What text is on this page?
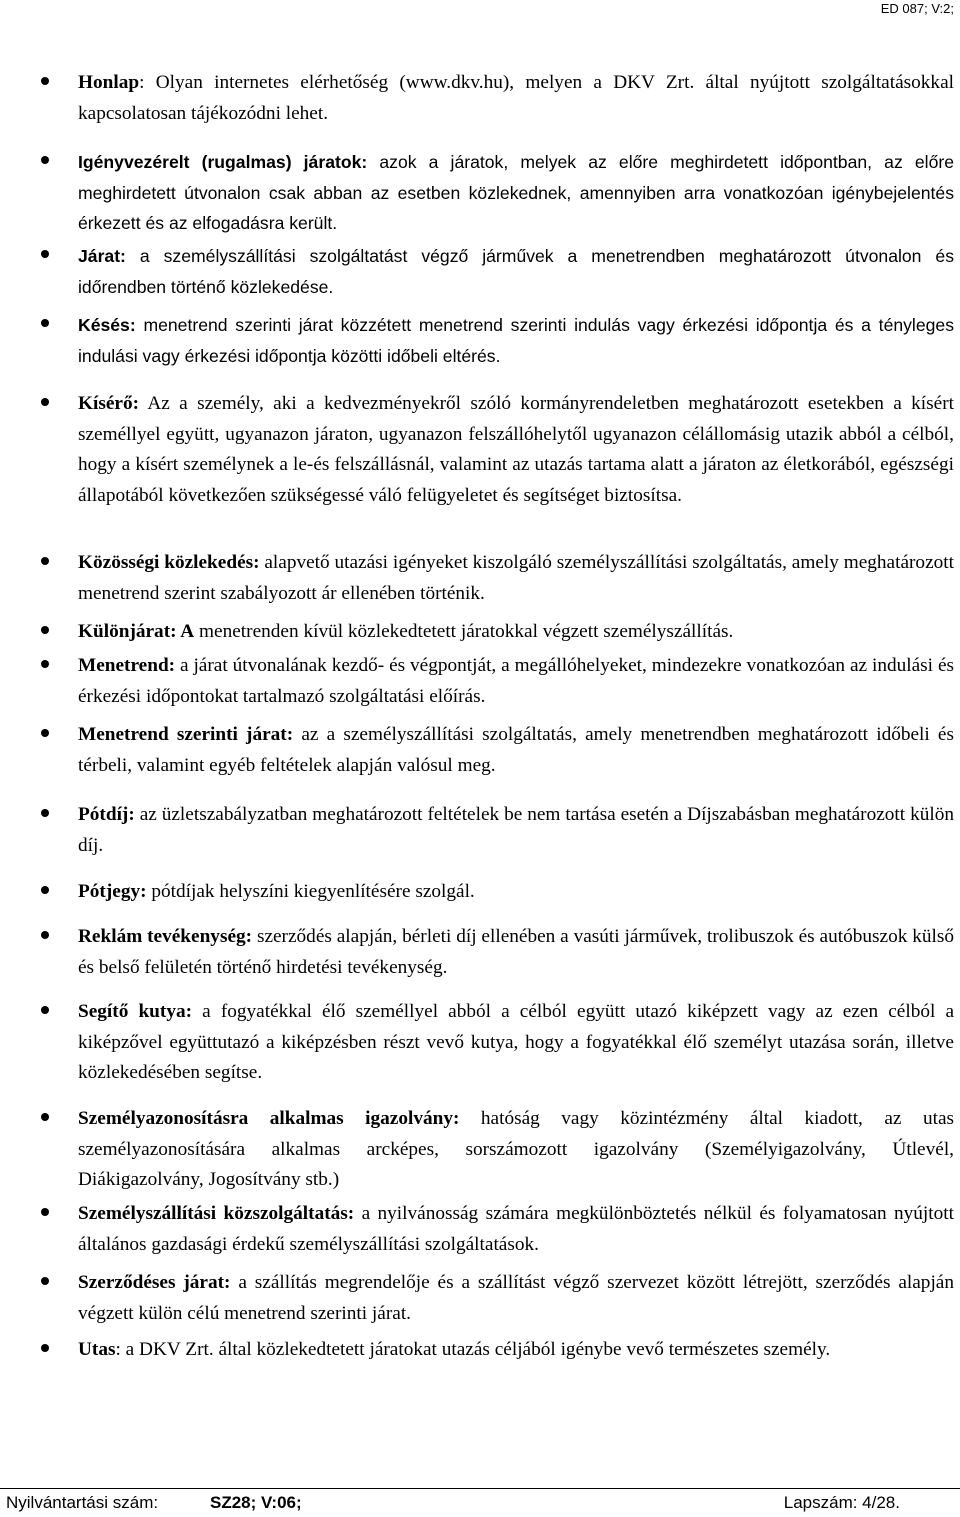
ED 087; V:2;
Honlap: Olyan internetes elérhetőség (www.dkv.hu), melyen a DKV Zrt. által nyújtott szolgáltatásokkal kapcsolatosan tájékozódni lehet.
Igényvezérelt (rugalmas) járatok: azok a járatok, melyek az előre meghirdetett időpontban, az előre meghirdetett útvonalon csak abban az esetben közlekednek, amennyiben arra vonatkozóan igénybejelentés érkezett és az elfogadásra került.
Járat: a személyszállítási szolgáltatást végző járművek a menetrendben meghatározott útvonalon és időrendben történő közlekedése.
Késés: menetrend szerinti járat közzétett menetrend szerinti indulás vagy érkezési időpontja és a tényleges indulási vagy érkezési időpontja közötti időbeli eltérés.
Kísérő: Az a személy, aki a kedvezményekről szóló kormányrendeletben meghatározott esetekben a kísért személlyel együtt, ugyanazon járaton, ugyanazon felszállóhelytől ugyanazon célállomásig utazik abból a célból, hogy a kísért személynek a le-és felszállásnál, valamint az utazás tartama alatt a járaton az életkorából, egészségi állapotából következően szükségessé váló felügyeletet és segítséget biztosítsa.
Közösségi közlekedés: alapvető utazási igényeket kiszolgáló személyszállítási szolgáltatás, amely meghatározott menetrend szerint szabályozott ár ellenében történik.
Különjárat: A menetrenden kívül közlekedtetett járatokkal végzett személyszállítás.
Menetrend: a járat útvonalának kezdő- és végpontját, a megállóhelyeket, mindezekre vonatkozóan az indulási és érkezési időpontokat tartalmazó szolgáltatási előírás.
Menetrend szerinti járat: az a személyszállítási szolgáltatás, amely menetrendben meghatározott időbeli és térbeli, valamint egyéb feltételek alapján valósul meg.
Pótdíj: az üzletszabályzatban meghatározott feltételek be nem tartása esetén a Díjszabásban meghatározott külön díj.
Pótjegy: pótdíjak helyszíni kiegyenlítésére szolgál.
Reklám tevékenység: szerződés alapján, bérleti díj ellenében a vasúti járművek, trolibuszok és autóbuszok külső és belső felületén történő hirdetési tevékenység.
Segítő kutya: a fogyatékkal élő személlyel abból a célból együtt utazó kiképzett vagy az ezen célból a kiképzővel együttutazó a kiképzésben részt vevő kutya, hogy a fogyatékkal élő személyt utazása során, illetve közlekedésében segítse.
Személyazonosításra alkalmas igazolvány: hatóság vagy közintézmény által kiadott, az utas személyazonosítására alkalmas arcképes, sorszámozott igazolvány (Személyigazolvány, Útlevél, Diákigazolvány, Jogosítvány stb.)
Személyszállítási közszolgáltatás: a nyilvánosság számára megkülönböztetés nélkül és folyamatosan nyújtott általános gazdasági érdekű személyszállítási szolgáltatások.
Szerződéses járat: a szállítás megrendelője és a szállítást végző szervezet között létrejött, szerződés alapján végzett külön célú menetrend szerinti járat.
Utas: a DKV Zrt. által közlekedtetett járatokat utazás céljából igénybe vevő természetes személy.
Nyilvántartási szám:	SZ28; V:06;	Lapszám: 4/28.
